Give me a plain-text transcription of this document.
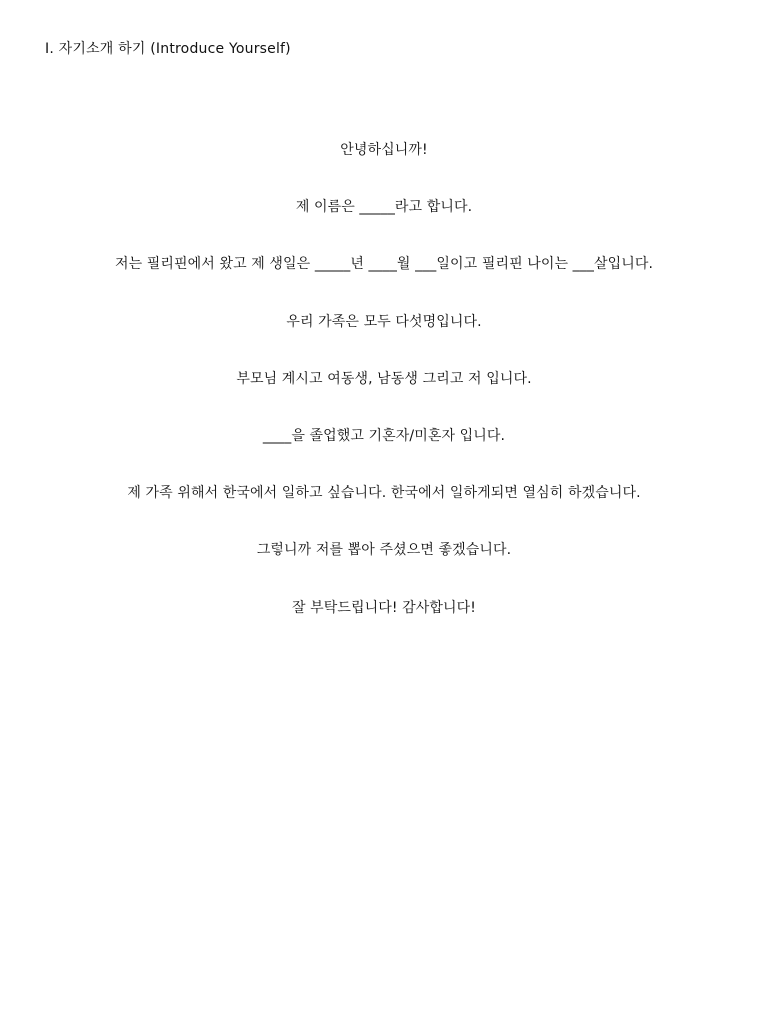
I. 자기소개 하기 (Introduce Yourself)
안녕하십니까!
제 이름은 _____라고 합니다.
저는 필리핀에서 왔고 제 생일은 _____년 ____월 ___일이고 필리핀 나이는 ___살입니다.
우리 가족은 모두 다섯명입니다.
부모님 계시고 여동생, 남동생 그리고 저 입니다.
____을 졸업했고 기혼자/미혼자 입니다.
제 가족 위해서 한국에서 일하고 싶습니다. 한국에서 일하게되면 열심히 하겠습니다.
그렇니까 저를 뽑아 주셨으면 좋겠습니다.
잘 부탁드립니다! 감사합니다!
